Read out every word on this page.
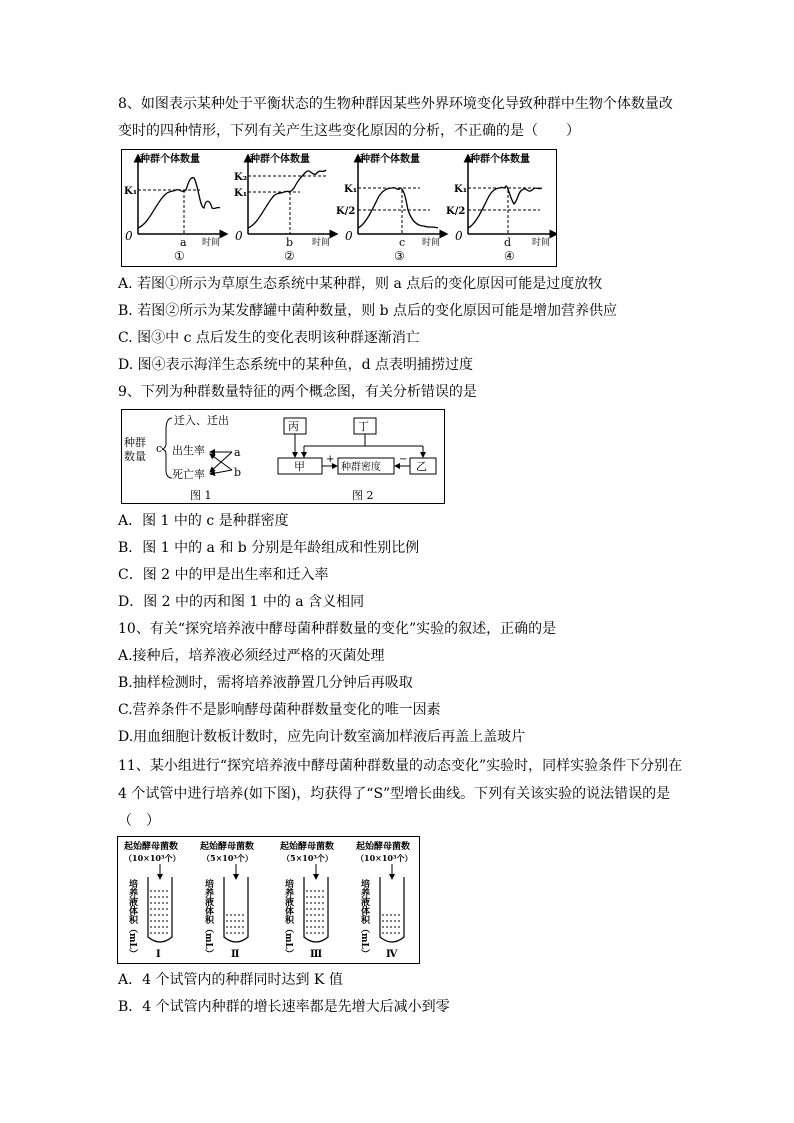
8、如图表示某种处于平衡状态的生物种群因某些外界环境变化导致种群中生物个体数量改
变时的四种情形，下列有关产生这些变化原因的分析，不正确的是（　　）
种群个体数量
0	时间
K₁
a
①
种群个体数量
0	时间
K₂
K₁
b
②
种群个体数量
0	时间
K₁
K/2
c
③
种群个体数量
0	时间
K₁
K/2
d
④
A. 若图①所示为草原生态系统中某种群，则 a 点后的变化原因可能是过度放牧
B. 若图②所示为某发酵罐中菌种数量，则 b 点后的变化原因可能是增加营养供应
C. 图③中 c 点后发生的变化表明该种群逐渐消亡
D. 图④表示海洋生态系统中的某种鱼，d 点表明捕捞过度
9、下列为种群数量特征的两个概念图，有关分析错误的是
种群
数量
c
迁入、迁出
出生率
死亡率
a
b
图 1
丙	丁
甲	种群密度	乙
+	−
图 2
A．图 1 中的 c 是种群密度
B．图 1 中的 a 和 b 分别是年龄组成和性别比例
C．图 2 中的甲是出生率和迁入率
D．图 2 中的丙和图 1 中的 a 含义相同
10、有关“探究培养液中酵母菌种群数量的变化”实验的叙述，正确的是
A.接种后，培养液必须经过严格的灭菌处理
B.抽样检测时，需将培养液静置几分钟后再吸取
C.营养条件不是影响酵母菌种群数量变化的唯一因素
D.用血细胞计数板计数时，应先向计数室滴加样液后再盖上盖玻片
11、某小组进行“探究培养液中酵母菌种群数量的动态变化”实验时，同样实验条件下分别在
4 个试管中进行培养(如下图)，均获得了“S”型增长曲线。下列有关该实验的说法错误的是
（　）
起始酵母菌数
（10×10³个）
培养液体积（mL） Ⅰ
起始酵母菌数
（5×10³个）
培养液体积（mL） Ⅱ
起始酵母菌数
（5×10³个）
培养液体积（mL） Ⅲ
起始酵母菌数
（10×10³个）
培养液体积（mL） Ⅳ
A．4 个试管内的种群同时达到 K 值
B．4 个试管内种群的增长速率都是先增大后减小到零
